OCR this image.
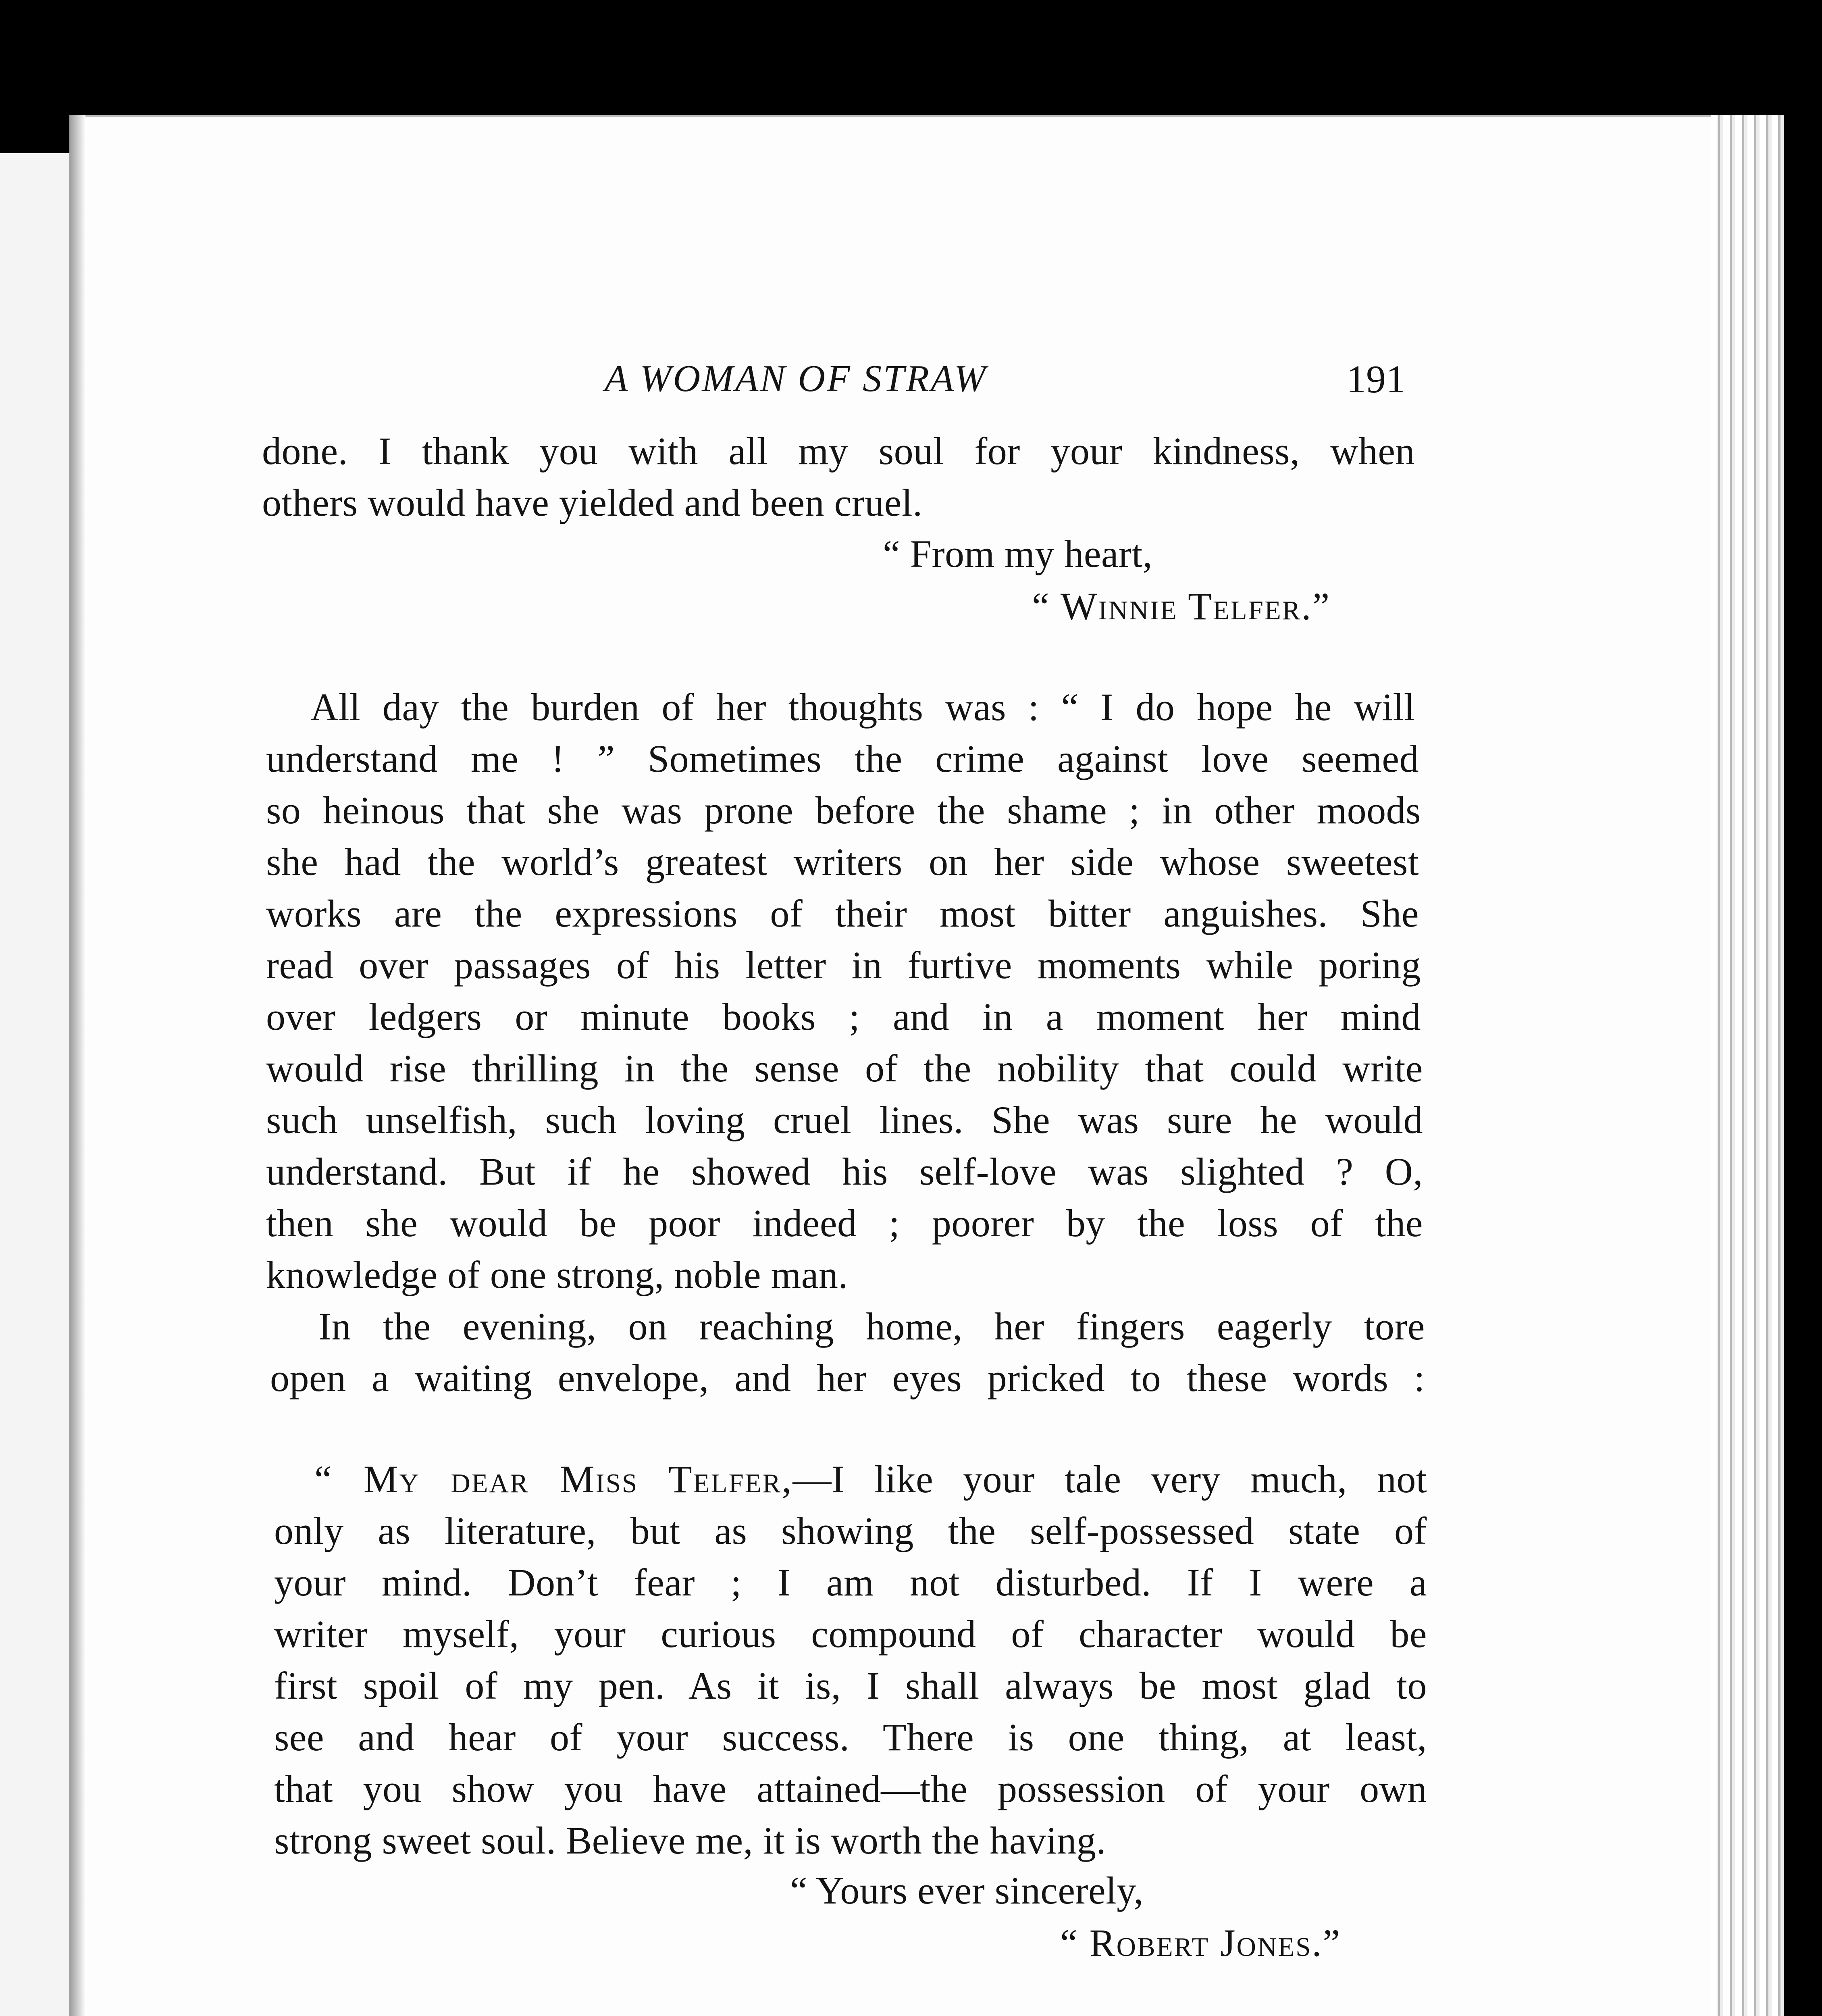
A WOMAN OF STRAW	191
done. I thank you with all my soul for your kindness, when
others would have yielded and been cruel.
“ From my heart,
“ Winnie Telfer.”
All day the burden of her thoughts was : “ I do hope he will
understand me ! ” Sometimes the crime against love seemed
so heinous that she was prone before the shame ; in other moods
she had the world’s greatest writers on her side whose sweetest
works are the expressions of their most bitter anguishes. She
read over passages of his letter in furtive moments while poring
over ledgers or minute books ; and in a moment her mind
would rise thrilling in the sense of the nobility that could write
such unselfish, such loving cruel lines. She was sure he would
understand. But if he showed his self-love was slighted ? O,
then she would be poor indeed ; poorer by the loss of the
knowledge of one strong, noble man.
In the evening, on reaching home, her fingers eagerly tore
open a waiting envelope, and her eyes pricked to these words :
“ My dear Miss Telfer,—I like your tale very much, not
only as literature, but as showing the self-possessed state of
your mind. Don’t fear ; I am not disturbed. If I were a
writer myself, your curious compound of character would be
first spoil of my pen. As it is, I shall always be most glad to
see and hear of your success. There is one thing, at least,
that you show you have attained—the possession of your own
strong sweet soul. Believe me, it is worth the having.
“ Yours ever sincerely,
“ Robert Jones.”
